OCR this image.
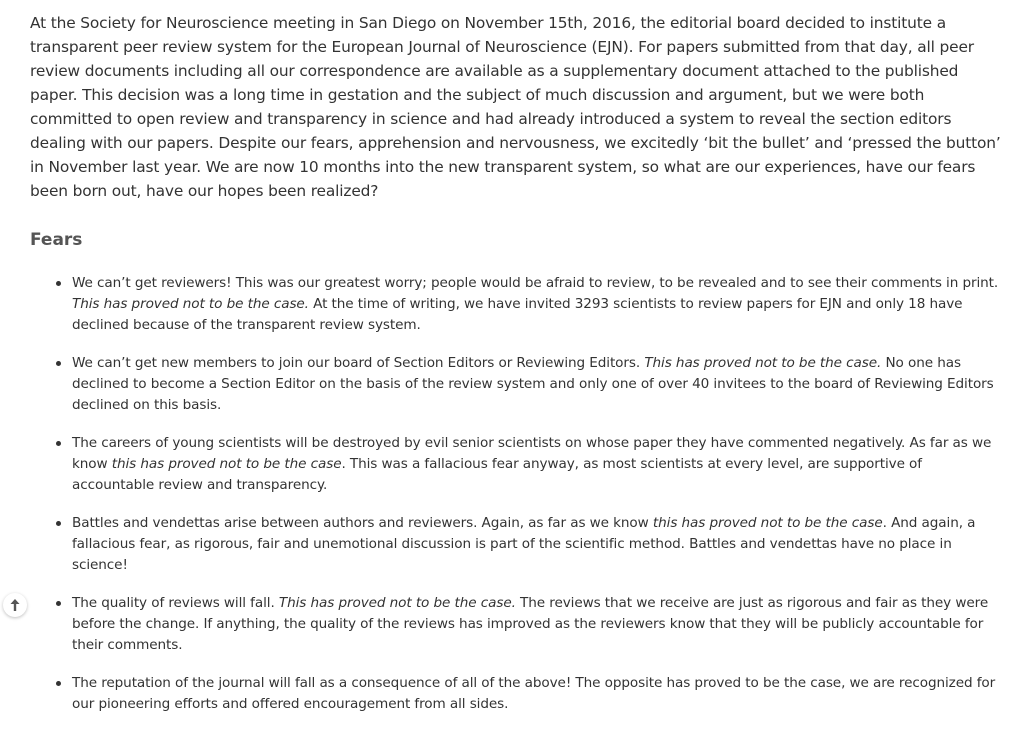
At the Society for Neuroscience meeting in San Diego on November 15th, 2016, the editorial board decided to institute a transparent peer review system for the European Journal of Neuroscience (EJN). For papers submitted from that day, all peer review documents including all our correspondence are available as a supplementary document attached to the published paper. This decision was a long time in gestation and the subject of much discussion and argument, but we were both committed to open review and transparency in science and had already introduced a system to reveal the section editors dealing with our papers. Despite our fears, apprehension and nervousness, we excitedly ‘bit the bullet’ and ‘pressed the button’ in November last year. We are now 10 months into the new transparent system, so what are our experiences, have our fears been born out, have our hopes been realized?

Fears
We can’t get reviewers! This was our greatest worry; people would be afraid to review, to be revealed and to see their comments in print. This has proved not to be the case. At the time of writing, we have invited 3293 scientists to review papers for EJN and only 18 have declined because of the transparent review system.
We can’t get new members to join our board of Section Editors or Reviewing Editors. This has proved not to be the case. No one has declined to become a Section Editor on the basis of the review system and only one of over 40 invitees to the board of Reviewing Editors declined on this basis.
The careers of young scientists will be destroyed by evil senior scientists on whose paper they have commented negatively. As far as we know this has proved not to be the case. This was a fallacious fear anyway, as most scientists at every level, are supportive of accountable review and transparency.
Battles and vendettas arise between authors and reviewers. Again, as far as we know this has proved not to be the case. And again, a fallacious fear, as rigorous, fair and unemotional discussion is part of the scientific method. Battles and vendettas have no place in science!
The quality of reviews will fall. This has proved not to be the case. The reviews that we receive are just as rigorous and fair as they were before the change. If anything, the quality of the reviews has improved as the reviewers know that they will be publicly accountable for their comments.
The reputation of the journal will fall as a consequence of all of the above! The opposite has proved to be the case, we are recognized for our pioneering efforts and offered encouragement from all sides.
